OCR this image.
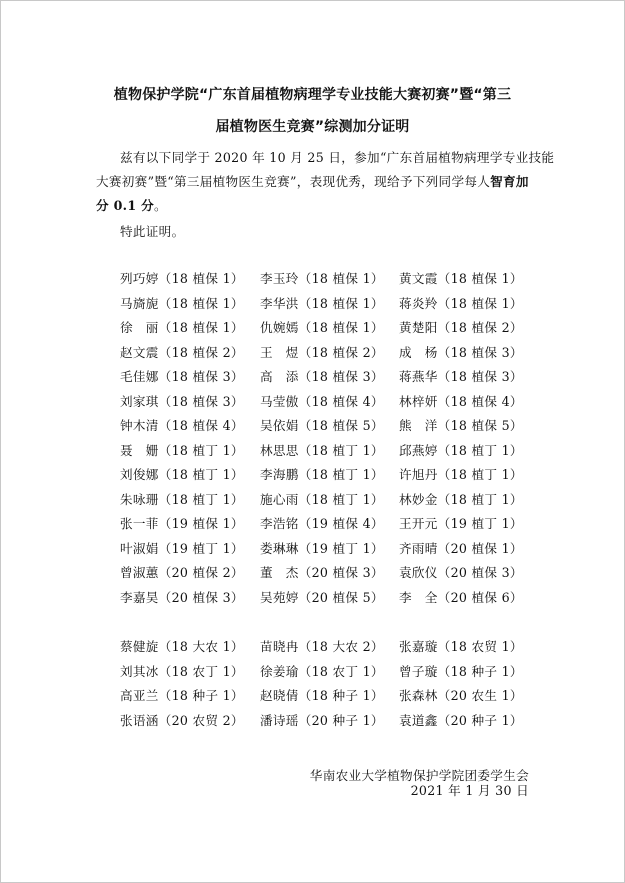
植物保护学院“广东首届植物病理学专业技能大赛初赛”暨“第三
届植物医生竞赛”综测加分证明
兹有以下同学于 2020 年 10 月 25 日，参加“广东首届植物病理学专业技能
大赛初赛”暨“第三届植物医生竞赛”，表现优秀，现给予下列同学每人智育加
分 0.1 分。
特此证明。
列巧婷（18 植保 1） 李玉玲（18 植保 1） 黄文霞（18 植保 1）
马旖旎（18 植保 1） 李华洪（18 植保 1） 蒋炎羚（18 植保 1）
徐　丽（18 植保 1） 仇婉嫣（18 植保 1） 黄楚阳（18 植保 2）
赵文震（18 植保 2） 王　煜（18 植保 2） 成　杨（18 植保 3）
毛佳娜（18 植保 3） 高　添（18 植保 3） 蒋燕华（18 植保 3）
刘家琪（18 植保 3） 马莹傲（18 植保 4） 林梓妍（18 植保 4）
钟木清（18 植保 4） 吴依娟（18 植保 5） 熊　洋（18 植保 5）
聂　姗（18 植丁 1） 林思思（18 植丁 1） 邱燕婷（18 植丁 1）
刘俊娜（18 植丁 1） 李海鹏（18 植丁 1） 许旭丹（18 植丁 1）
朱咏珊（18 植丁 1） 施心雨（18 植丁 1） 林妙金（18 植丁 1）
张一菲（19 植保 1） 李浩铭（19 植保 4） 王开元（19 植丁 1）
叶淑娟（19 植丁 1） 娄琳琳（19 植丁 1） 齐雨晴（20 植保 1）
曾淑蕙（20 植保 2） 董　杰（20 植保 3） 袁欣仪（20 植保 3）
李嘉昊（20 植保 3） 吴苑婷（20 植保 5） 李　全（20 植保 6）
蔡健旋（18 大农 1） 苗晓冉（18 大农 2） 张嘉璇（18 农贸 1）
刘其冰（18 农丁 1） 徐姜瑜（18 农丁 1） 曾子璇（18 种子 1）
高亚兰（18 种子 1） 赵晓倩（18 种子 1） 张森林（20 农生 1）
张语涵（20 农贸 2） 潘诗瑶（20 种子 1） 袁道鑫（20 种子 1）
华南农业大学植物保护学院团委学生会
2021 年 1 月 30 日
